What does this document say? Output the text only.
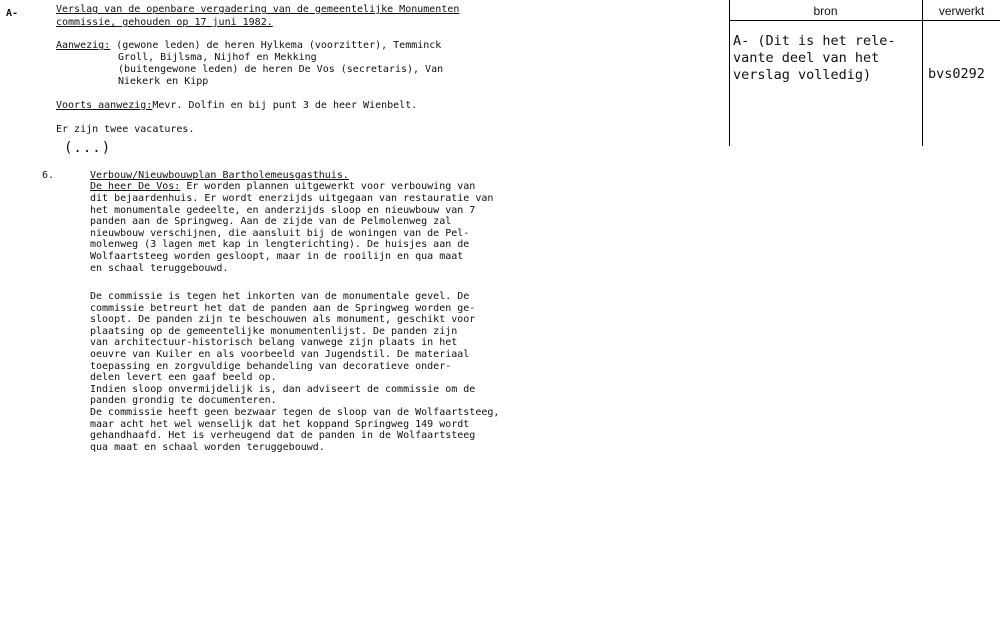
A-	Verslag van de openbare vergadering van de gemeentelijke Monumenten
commissie, gehouden op 17 juni 1982.
Aanwezig: (gewone leden) de heren Hylkema (voorzitter), Temminck
Groll, Bijlsma, Nijhof en Mekking
(buitengewone leden) de heren De Vos (secretaris), Van
Niekerk en Kipp
Voorts aanwezig:Mevr. Dolfin en bij punt 3 de heer Wienbelt.
Er zijn twee vacatures.
(...)
6.	Verbouw/Nieuwbouwplan Bartholemeusgasthuis.
De heer De Vos: Er worden plannen uitgewerkt voor verbouwing van
dit bejaardenhuis. Er wordt enerzijds uitgegaan van restauratie van
het monumentale gedeelte, en anderzijds sloop en nieuwbouw van 7
panden aan de Springweg. Aan de zijde van de Pelmolenweg zal
nieuwbouw verschijnen, die aansluit bij de woningen van de Pel-
molenweg (3 lagen met kap in lengterichting). De huisjes aan de
Wolfaartsteeg worden gesloopt, maar in de rooilijn en qua maat
en schaal teruggebouwd.
De commissie is tegen het inkorten van de monumentale gevel. De
commissie betreurt het dat de panden aan de Springweg worden ge-
sloopt. De panden zijn te beschouwen als monument, geschikt voor
plaatsing op de gemeentelijke monumentenlijst. De panden zijn
van architectuur-historisch belang vanwege zijn plaats in het
oeuvre van Kuiler en als voorbeeld van Jugendstil. De materiaal
toepassing en zorgvuldige behandeling van decoratieve onder-
delen levert een gaaf beeld op.
Indien sloop onvermijdelijk is, dan adviseert de commissie om de
panden grondig te documenteren.
De commissie heeft geen bezwaar tegen de sloop van de Wolfaartsteeg,
maar acht het wel wenselijk dat het koppand Springweg 149 wordt
gehandhaafd. Het is verheugend dat de panden in de Wolfaartsteeg
qua maat en schaal worden teruggebouwd.
bron	verwerkt
A- (Dit is het rele-
vante deel van het
verslag volledig)	bvs0292
